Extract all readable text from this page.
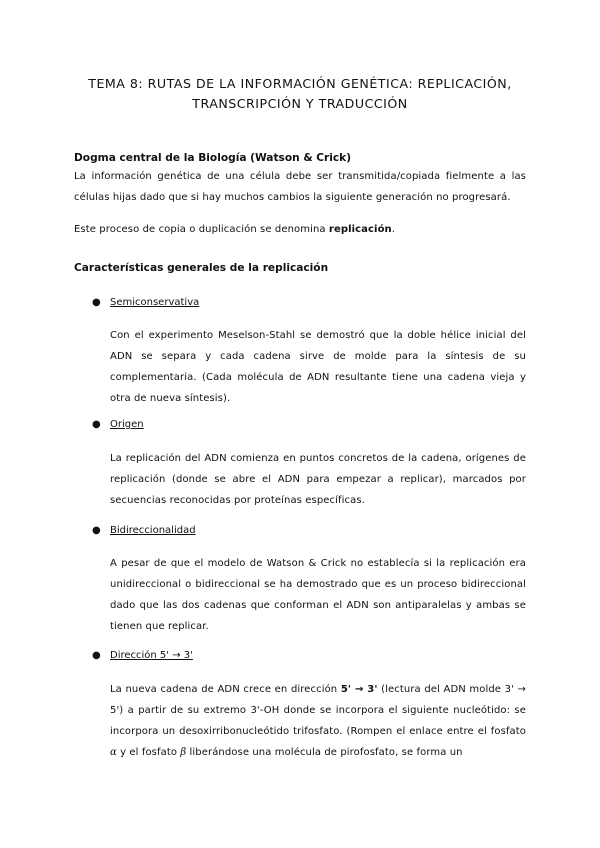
TEMA 8: RUTAS DE LA INFORMACIÓN GENÉTICA: REPLICACIÓN,
TRANSCRIPCIÓN Y TRADUCCIÓN
Dogma central de la Biología (Watson & Crick)
La información genética de una célula debe ser transmitida/copiada fielmente a las células hijas dado que si hay muchos cambios la siguiente generación no progresará.
Este proceso de copia o duplicación se denomina replicación.
Características generales de la replicación
● Semiconservativa
Con el experimento Meselson-Stahl se demostró que la doble hélice inicial del ADN se separa y cada cadena sirve de molde para la síntesis de su complementaria. (Cada molécula de ADN resultante tiene una cadena vieja y otra de nueva síntesis).
● Origen
La replicación del ADN comienza en puntos concretos de la cadena, orígenes de replicación (donde se abre el ADN para empezar a replicar), marcados por secuencias reconocidas por proteínas específicas.
● Bidireccionalidad
A pesar de que el modelo de Watson & Crick no establecía si la replicación era unidireccional o bidireccional se ha demostrado que es un proceso bidireccional dado que las dos cadenas que conforman el ADN son antiparalelas y ambas se tienen que replicar.
● Dirección 5' → 3'
La nueva cadena de ADN crece en dirección 5' → 3' (lectura del ADN molde 3' → 5') a partir de su extremo 3'-OH donde se incorpora el siguiente nucleótido: se incorpora un desoxirribonucleótido trifosfato. (Rompen el enlace entre el fosfato α y el fosfato β liberándose una molécula de pirofosfato, se forma un
